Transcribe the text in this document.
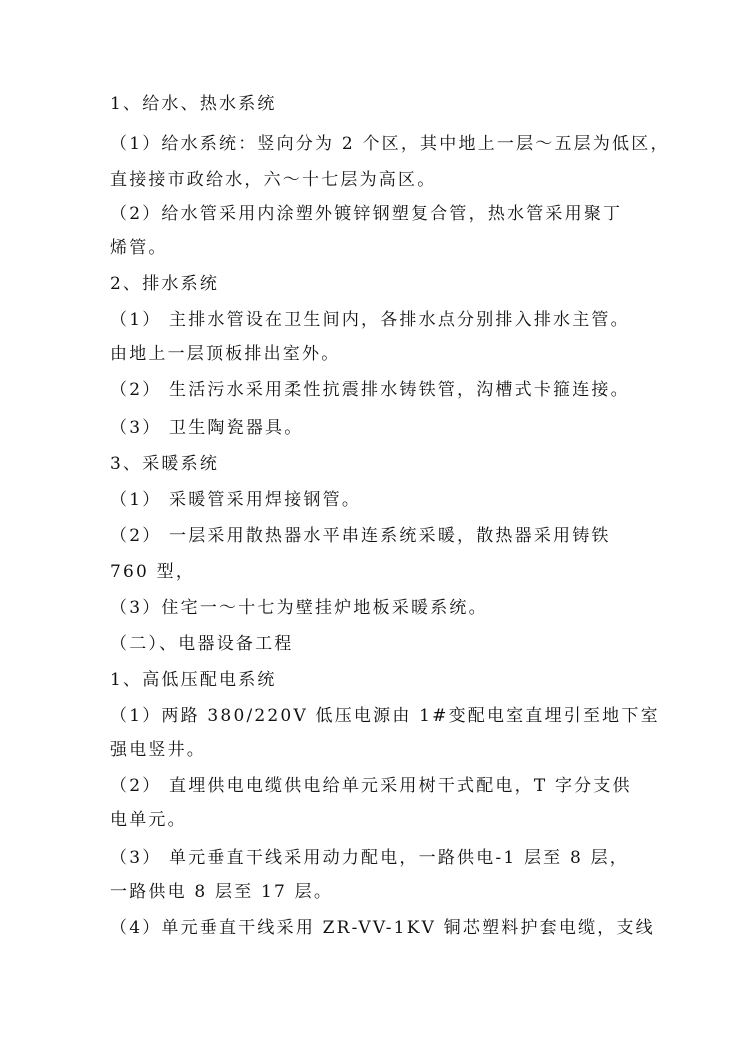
1、给水、热水系统
（1）给水系统：竖向分为 2 个区，其中地上一层～五层为低区，
直接接市政给水，六～十七层为高区。
（2）给水管采用内涂塑外镀锌钢塑复合管，热水管采用聚丁
烯管。
2、排水系统
（1） 主排水管设在卫生间内，各排水点分别排入排水主管。
由地上一层顶板排出室外。
（2） 生活污水采用柔性抗震排水铸铁管，沟槽式卡箍连接。
（3） 卫生陶瓷器具。
3、采暖系统
（1） 采暖管采用焊接钢管。
（2） 一层采用散热器水平串连系统采暖，散热器采用铸铁
760 型，
（3）住宅一～十七为壁挂炉地板采暖系统。
（二）、电器设备工程
1、高低压配电系统
（1）两路 380/220V 低压电源由 1#变配电室直埋引至地下室
强电竖井。
（2） 直埋供电电缆供电给单元采用树干式配电，T 字分支供
电单元。
（3） 单元垂直干线采用动力配电，一路供电-1 层至 8 层，
一路供电 8 层至 17 层。
（4）单元垂直干线采用 ZR-VV-1KV 铜芯塑料护套电缆，支线
